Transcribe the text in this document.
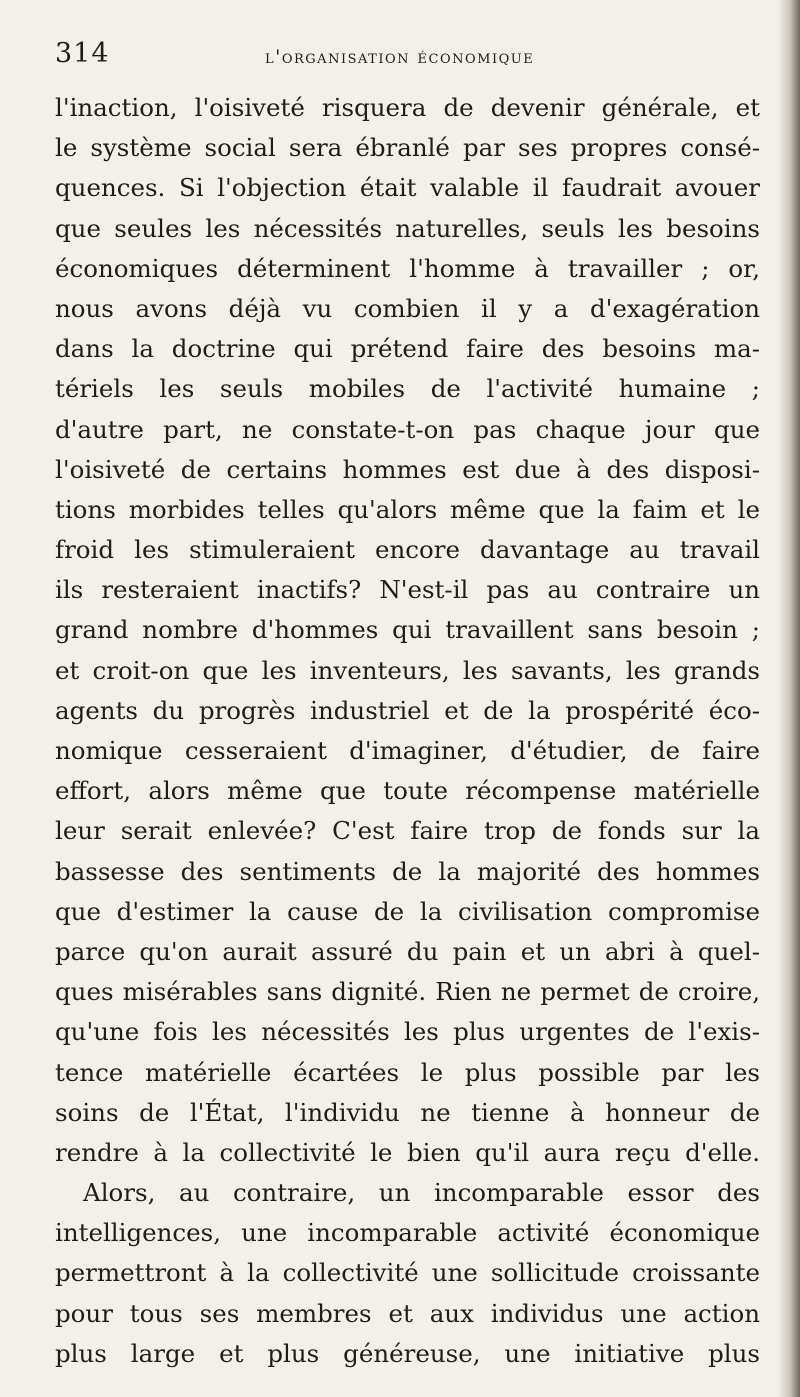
314	l'organisation économique
l'inaction, l'oisiveté risquera de devenir générale, et
le système social sera ébranlé par ses propres consé-
quences. Si l'objection était valable il faudrait avouer
que seules les nécessités naturelles, seuls les besoins
économiques déterminent l'homme à travailler ; or,
nous avons déjà vu combien il y a d'exagération
dans la doctrine qui prétend faire des besoins ma-
tériels les seuls mobiles de l'activité humaine ;
d'autre part, ne constate-t-on pas chaque jour que
l'oisiveté de certains hommes est due à des disposi-
tions morbides telles qu'alors même que la faim et le
froid les stimuleraient encore davantage au travail
ils resteraient inactifs? N'est-il pas au contraire un
grand nombre d'hommes qui travaillent sans besoin ;
et croit-on que les inventeurs, les savants, les grands
agents du progrès industriel et de la prospérité éco-
nomique cesseraient d'imaginer, d'étudier, de faire
effort, alors même que toute récompense matérielle
leur serait enlevée? C'est faire trop de fonds sur la
bassesse des sentiments de la majorité des hommes
que d'estimer la cause de la civilisation compromise
parce qu'on aurait assuré du pain et un abri à quel-
ques misérables sans dignité. Rien ne permet de croire,
qu'une fois les nécessités les plus urgentes de l'exis-
tence matérielle écartées le plus possible par les
soins de l'État, l'individu ne tienne à honneur de
rendre à la collectivité le bien qu'il aura reçu d'elle.
Alors, au contraire, un incomparable essor des
intelligences, une incomparable activité économique
permettront à la collectivité une sollicitude croissante
pour tous ses membres et aux individus une action
plus large et plus généreuse, une initiative plus
